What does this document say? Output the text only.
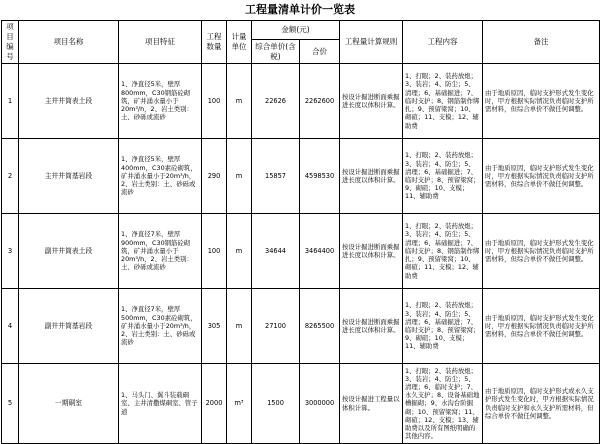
工程量清单计价一览表
项目编号	项目名称	项目特征	工程数量	计量单位	金额(元)		工程量计算规则	工程内容	备注
					综合单价(含税)	合价			
1	主井井筒表土段	1、净直径5米，壁厚800mm，C30钢筋砼砌筑，矿井涌水量小于20m³/h，2、岩土类别：土、砂砾或流砂	100	m	22626	2262600	按设计掘进断面乘掘进长度以体积计算。	1、打眼；2、装药放炮；3、装岩；4、防尘；5、清理；6、基础掘进；7、临时支护；8、钢筋制作绑扎；9、预留梁窝；10、砌碹；11、支模；12、辅助费	由于地质原因，临时支护形式发生变化时，甲方根据实际情况负责临时支护所需材料，但综合单价不做任何调整。
2	主井井筒基岩段	1、净直径5米，壁厚400mm，C30素砼砌筑，矿井涌水量小于20m³/h，2、岩土类别：土、砂砾或流砂	290	m	15857	4598530	按设计掘进断面乘掘进长度以体积计算。	1、打眼；2、装药放炮；3、装岩；4、防尘；5、清理；6、基础掘进；7、临时支护；8、预留梁窝；9、砌碹；10、支模；11、辅助费	由于地质原因，临时支护形式发生变化时，甲方根据实际情况负责临时支护所需材料，但综合单价不做任何调整。
3	副井井筒表土段	1、净直径7米，壁厚900mm，C30钢筋砼砌筑，矿井涌水量小于20m³/h，2、岩土类别：土、砂砾或流砂	100	m	34644	3464400	按设计掘进断面乘掘进长度以体积计算。	1、打眼；2、装药放炮；3、装岩；4、防尘；5、清理；6、基础掘进；7、临时支护；8、钢筋制作绑扎；9、预留梁窝；10、砌碹；11、支模；12、辅助费	由于地质原因，临时支护形式发生变化时，甲方根据实际情况负责临时支护所需材料，但综合单价不做任何调整。
4	副井井筒基岩段	1、净直径7米，壁厚500mm，C30素砼砌筑，矿井涌水量小于20m³/h，2、岩土类别：土、砂砾或流砂	305	m	27100	8265500	按设计掘进断面乘掘进长度以体积计算。	1、打眼；2、装药放炮；3、装岩；4、防尘；5、清理；6、基础掘进；7、临时支护；8、预留梁窝；9、砌碹；10、支模；11、辅助费	由于地质原因，临时支护形式发生变化时，甲方根据实际情况负责临时支护所需材料，但综合单价不做任何调整。
5	一期硐室	1、马头门、翼斗装载硐室、主井清撒煤硐室、管子道	2000	m³	1500	3000000	按设计掘进工程量以体积计算。	1、打眼；2、装药放炮；3、装岩；4、防尘；5、清理；6、临时支护；7、永久支护；8、设备基础地槽掘砌；9、水沟台阶掘砌；10、预留梁窝；11、砌碹；12、支模；13、辅助费以及所有图纸明确的其他内容。	由于地质原因，临时支护形式或永久支护形式发生变化时，甲方根据实际情况负责临时支护和永久支护所需材料，但综合单价不做任何调整。
